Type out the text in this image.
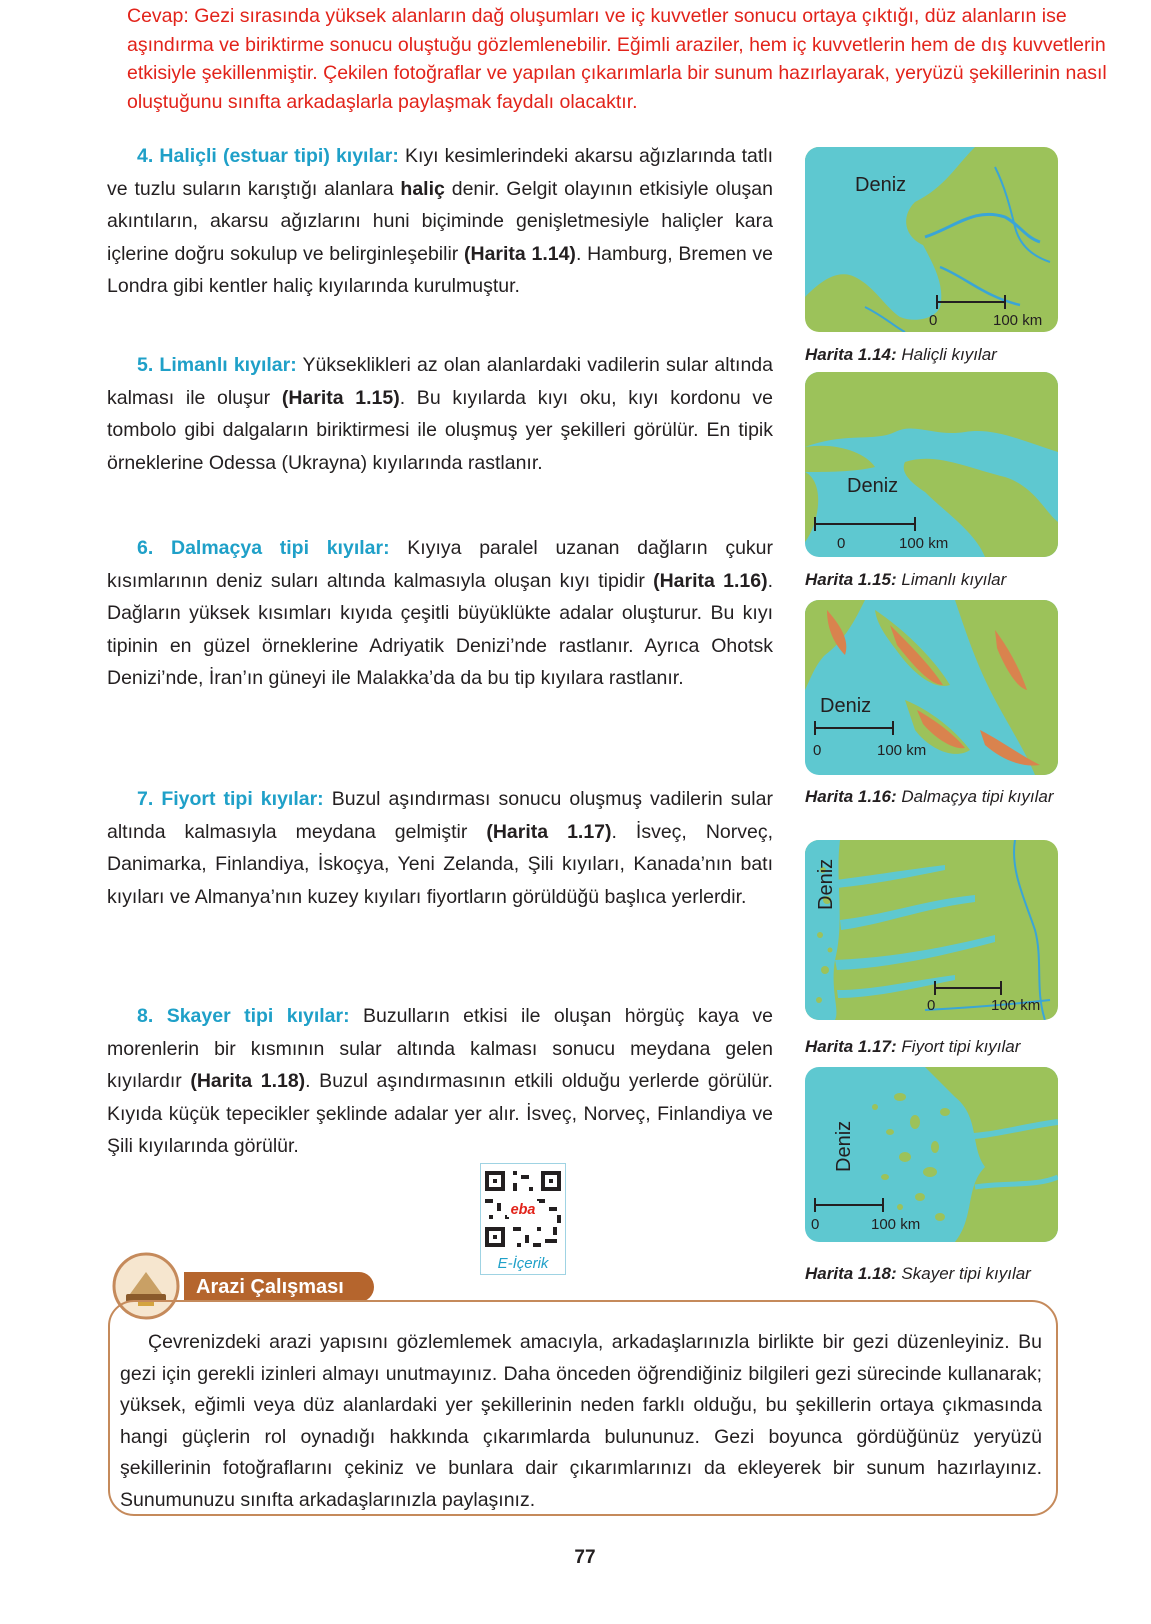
Cevap: Gezi sırasında yüksek alanların dağ oluşumları ve iç kuvvetler sonucu ortaya çıktığı, düz alanların ise aşındırma ve biriktirme sonucu oluştuğu gözlemlenebilir. Eğimli araziler, hem iç kuvvetlerin hem de dış kuvvetlerin etkisiyle şekillenmiştir. Çekilen fotoğraflar ve yapılan çıkarımlarla bir sunum hazırlayarak, yeryüzü şekillerinin nasıl oluştuğunu sınıfta arkadaşlarla paylaşmak faydalı olacaktır.
4. Haliçli (estuar tipi) kıyılar: Kıyı kesimlerindeki akarsu ağızlarında tatlı ve tuzlu suların karıştığı alanlara haliç denir. Gelgit olayının etkisiyle oluşan akıntıların, akarsu ağızlarını huni biçiminde genişletmesiyle haliçler kara içlerine doğru sokulup ve belirginleşebilir (Harita 1.14). Hamburg, Bremen ve Londra gibi kentler haliç kıyılarında kurulmuştur.
5. Limanlı kıyılar: Yükseklikleri az olan alanlardaki vadilerin sular altında kalması ile oluşur (Harita 1.15). Bu kıyılarda kıyı oku, kıyı kordonu ve tombolo gibi dalgaların biriktirmesi ile oluşmuş yer şekilleri görülür. En tipik örneklerine Odessa (Ukrayna) kıyılarında rastlanır.
6. Dalmaçya tipi kıyılar: Kıyıya paralel uzanan dağların çukur kısımlarının deniz suları altında kalmasıyla oluşan kıyı tipidir (Harita 1.16). Dağların yüksek kısımları kıyıda çeşitli büyüklükte adalar oluşturur. Bu kıyı tipinin en güzel örneklerine Adriyatik Denizi’nde rastlanır. Ayrıca Ohotsk Denizi’nde, İran’ın güneyi ile Malakka’da da bu tip kıyılara rastlanır.
7. Fiyort tipi kıyılar: Buzul aşındırması sonucu oluşmuş vadilerin sular altında kalmasıyla meydana gelmiştir (Harita 1.17). İsveç, Norveç, Danimarka, Finlandiya, İskoçya, Yeni Zelanda, Şili kıyıları, Kanada’nın batı kıyıları ve Almanya’nın kuzey kıyıları fiyortların görüldüğü başlıca yerlerdir.
8. Skayer tipi kıyılar: Buzulların etkisi ile oluşan hörgüç kaya ve morenlerin bir kısmının sular altında kalması sonucu meydana gelen kıyılardır (Harita 1.18). Buzul aşındırmasının etkili olduğu yerlerde görülür. Kıyıda küçük tepecikler şeklinde adalar yer alır. İsveç, Norveç, Finlandiya ve Şili kıyılarında görülür.
Deniz
0	100 km
Harita 1.14: Haliçli kıyılar
Deniz
0	100 km
Harita 1.15: Limanlı kıyılar
Deniz
0	100 km
Harita 1.16: Dalmaçya tipi kıyılar
Deniz
0	100 km
Harita 1.17: Fiyort tipi kıyılar
Deniz
0	100 km
Harita 1.18: Skayer tipi kıyılar
eba
E-İçerik
Arazi Çalışması
Çevrenizdeki arazi yapısını gözlemlemek amacıyla, arkadaşlarınızla birlikte bir gezi düzenleyiniz. Bu gezi için gerekli izinleri almayı unutmayınız. Daha önceden öğrendiğiniz bilgileri gezi sürecinde kullanarak; yüksek, eğimli veya düz alanlardaki yer şekillerinin neden farklı olduğu, bu şekillerin ortaya çıkmasında hangi güçlerin rol oynadığı hakkında çıkarımlarda bulununuz. Gezi boyunca gördüğünüz yeryüzü şekillerinin fotoğraflarını çekiniz ve bunlara dair çıkarımlarınızı da ekleyerek bir sunum hazırlayınız. Sunumunuzu sınıfta arkadaşlarınızla paylaşınız.
77
